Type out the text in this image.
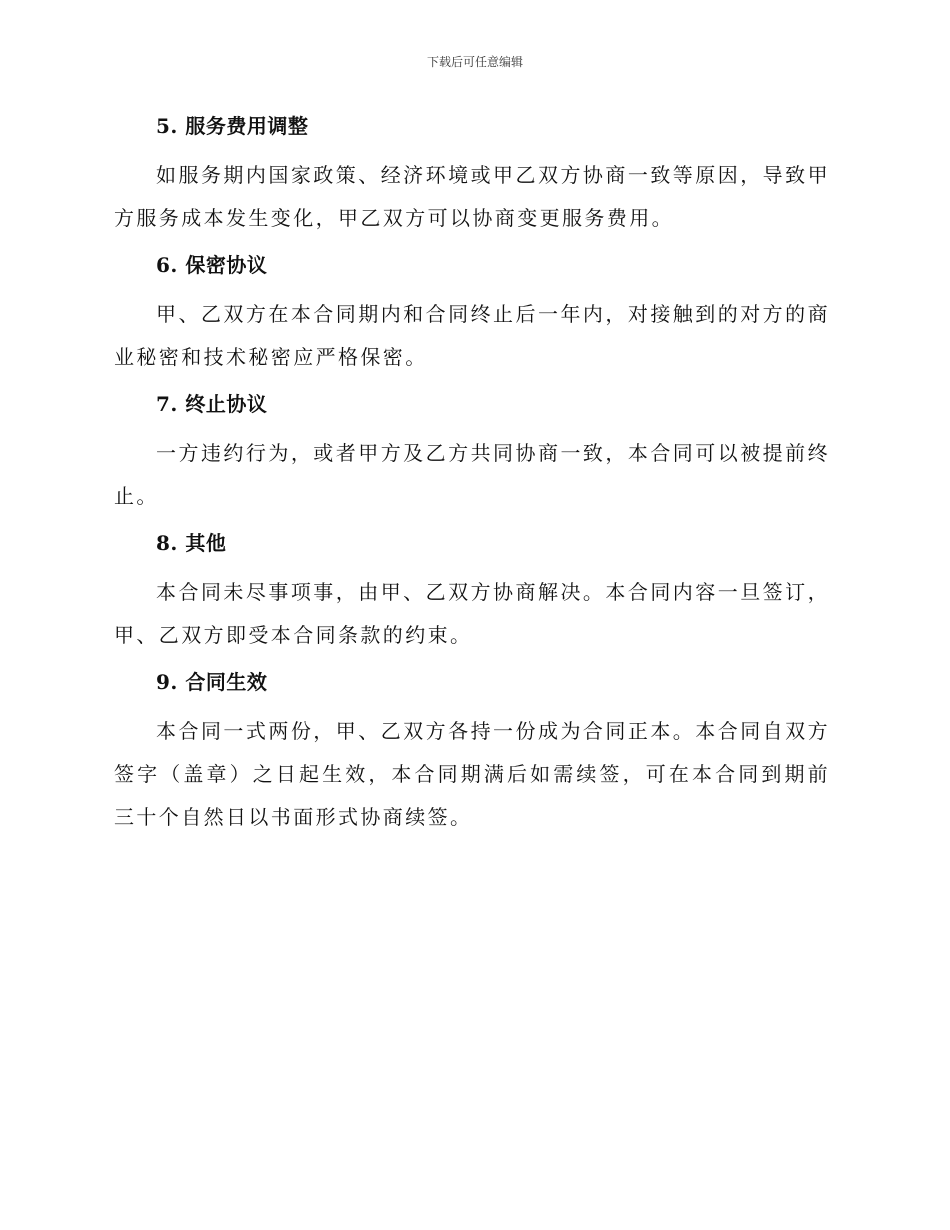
下载后可任意编辑
5. 服务费用调整

如服务期内国家政策、经济环境或甲乙双方协商一致等原因，导致甲方服务成本发生变化，甲乙双方可以协商变更服务费用。

6. 保密协议

甲、乙双方在本合同期内和合同终止后一年内，对接触到的对方的商业秘密和技术秘密应严格保密。

7. 终止协议

一方违约行为，或者甲方及乙方共同协商一致，本合同可以被提前终止。

8. 其他

本合同未尽事项事，由甲、乙双方协商解决。本合同内容一旦签订，甲、乙双方即受本合同条款的约束。

9. 合同生效

本合同一式两份，甲、乙双方各持一份成为合同正本。本合同自双方签字（盖章）之日起生效，本合同期满后如需续签，可在本合同到期前三十个自然日以书面形式协商续签。
